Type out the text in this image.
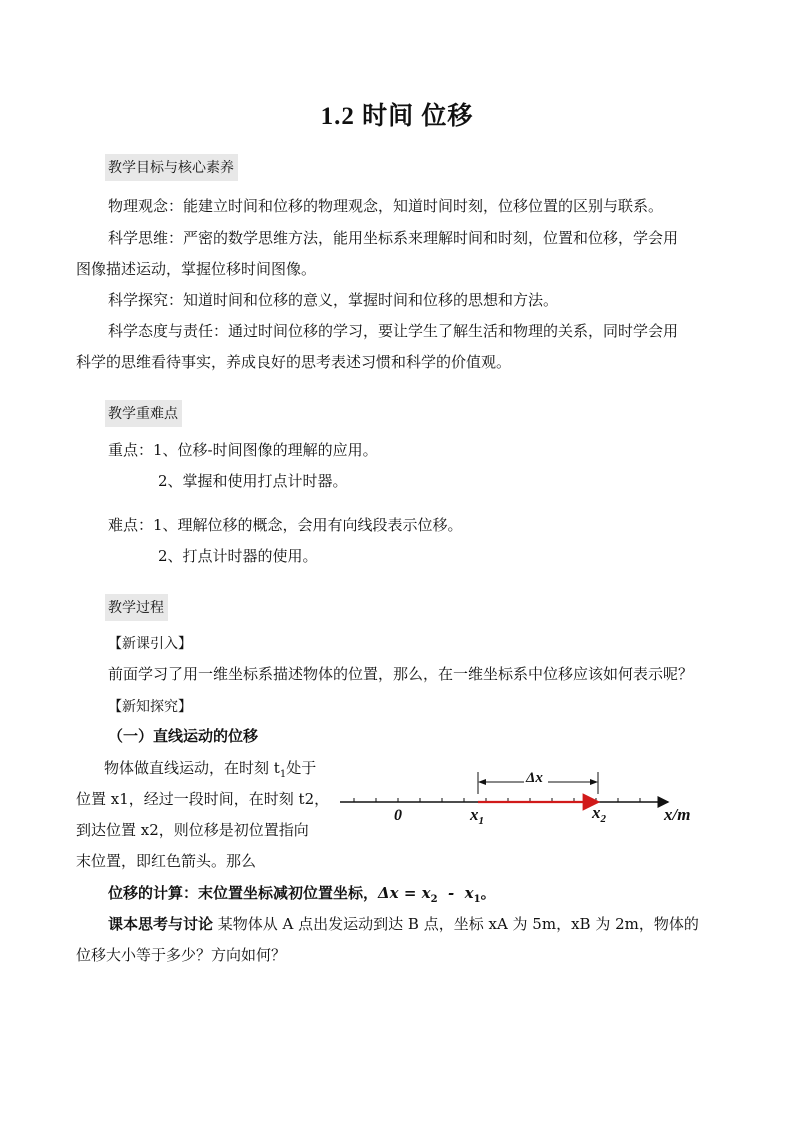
1.2 时间 位移
教学目标与核心素养
物理观念：能建立时间和位移的物理观念，知道时间时刻，位移位置的区别与联系。
科学思维：严密的数学思维方法，能用坐标系来理解时间和时刻，位置和位移，学会用
图像描述运动，掌握位移时间图像。
科学探究：知道时间和位移的意义，掌握时间和位移的思想和方法。
科学态度与责任：通过时间位移的学习，要让学生了解生活和物理的关系，同时学会用
科学的思维看待事实，养成良好的思考表述习惯和科学的价值观。
教学重难点
重点：1、位移-时间图像的理解的应用。
2、掌握和使用打点计时器。
难点：1、理解位移的概念，会用有向线段表示位移。
2、打点计时器的使用。
教学过程
【新课引入】
前面学习了用一维坐标系描述物体的位置，那么，在一维坐标系中位移应该如何表示呢？
【新知探究】
（一）直线运动的位移
物体做直线运动，在时刻 $t_1$处于
位置 x1，经过一段时间，在时刻 t2，
到达位置 x2，则位移是初位置指向
末位置，即红色箭头。那么
Δx
0	$x_1$	$x_2$	x/m
位移的计算：末位置坐标减初位置坐标，$\Delta x = x_2 - x_1$。
课本思考与讨论 某物体从 A 点出发运动到达 B 点，坐标 xA 为 5m，xB 为 2m，物体的
位移大小等于多少？方向如何？
